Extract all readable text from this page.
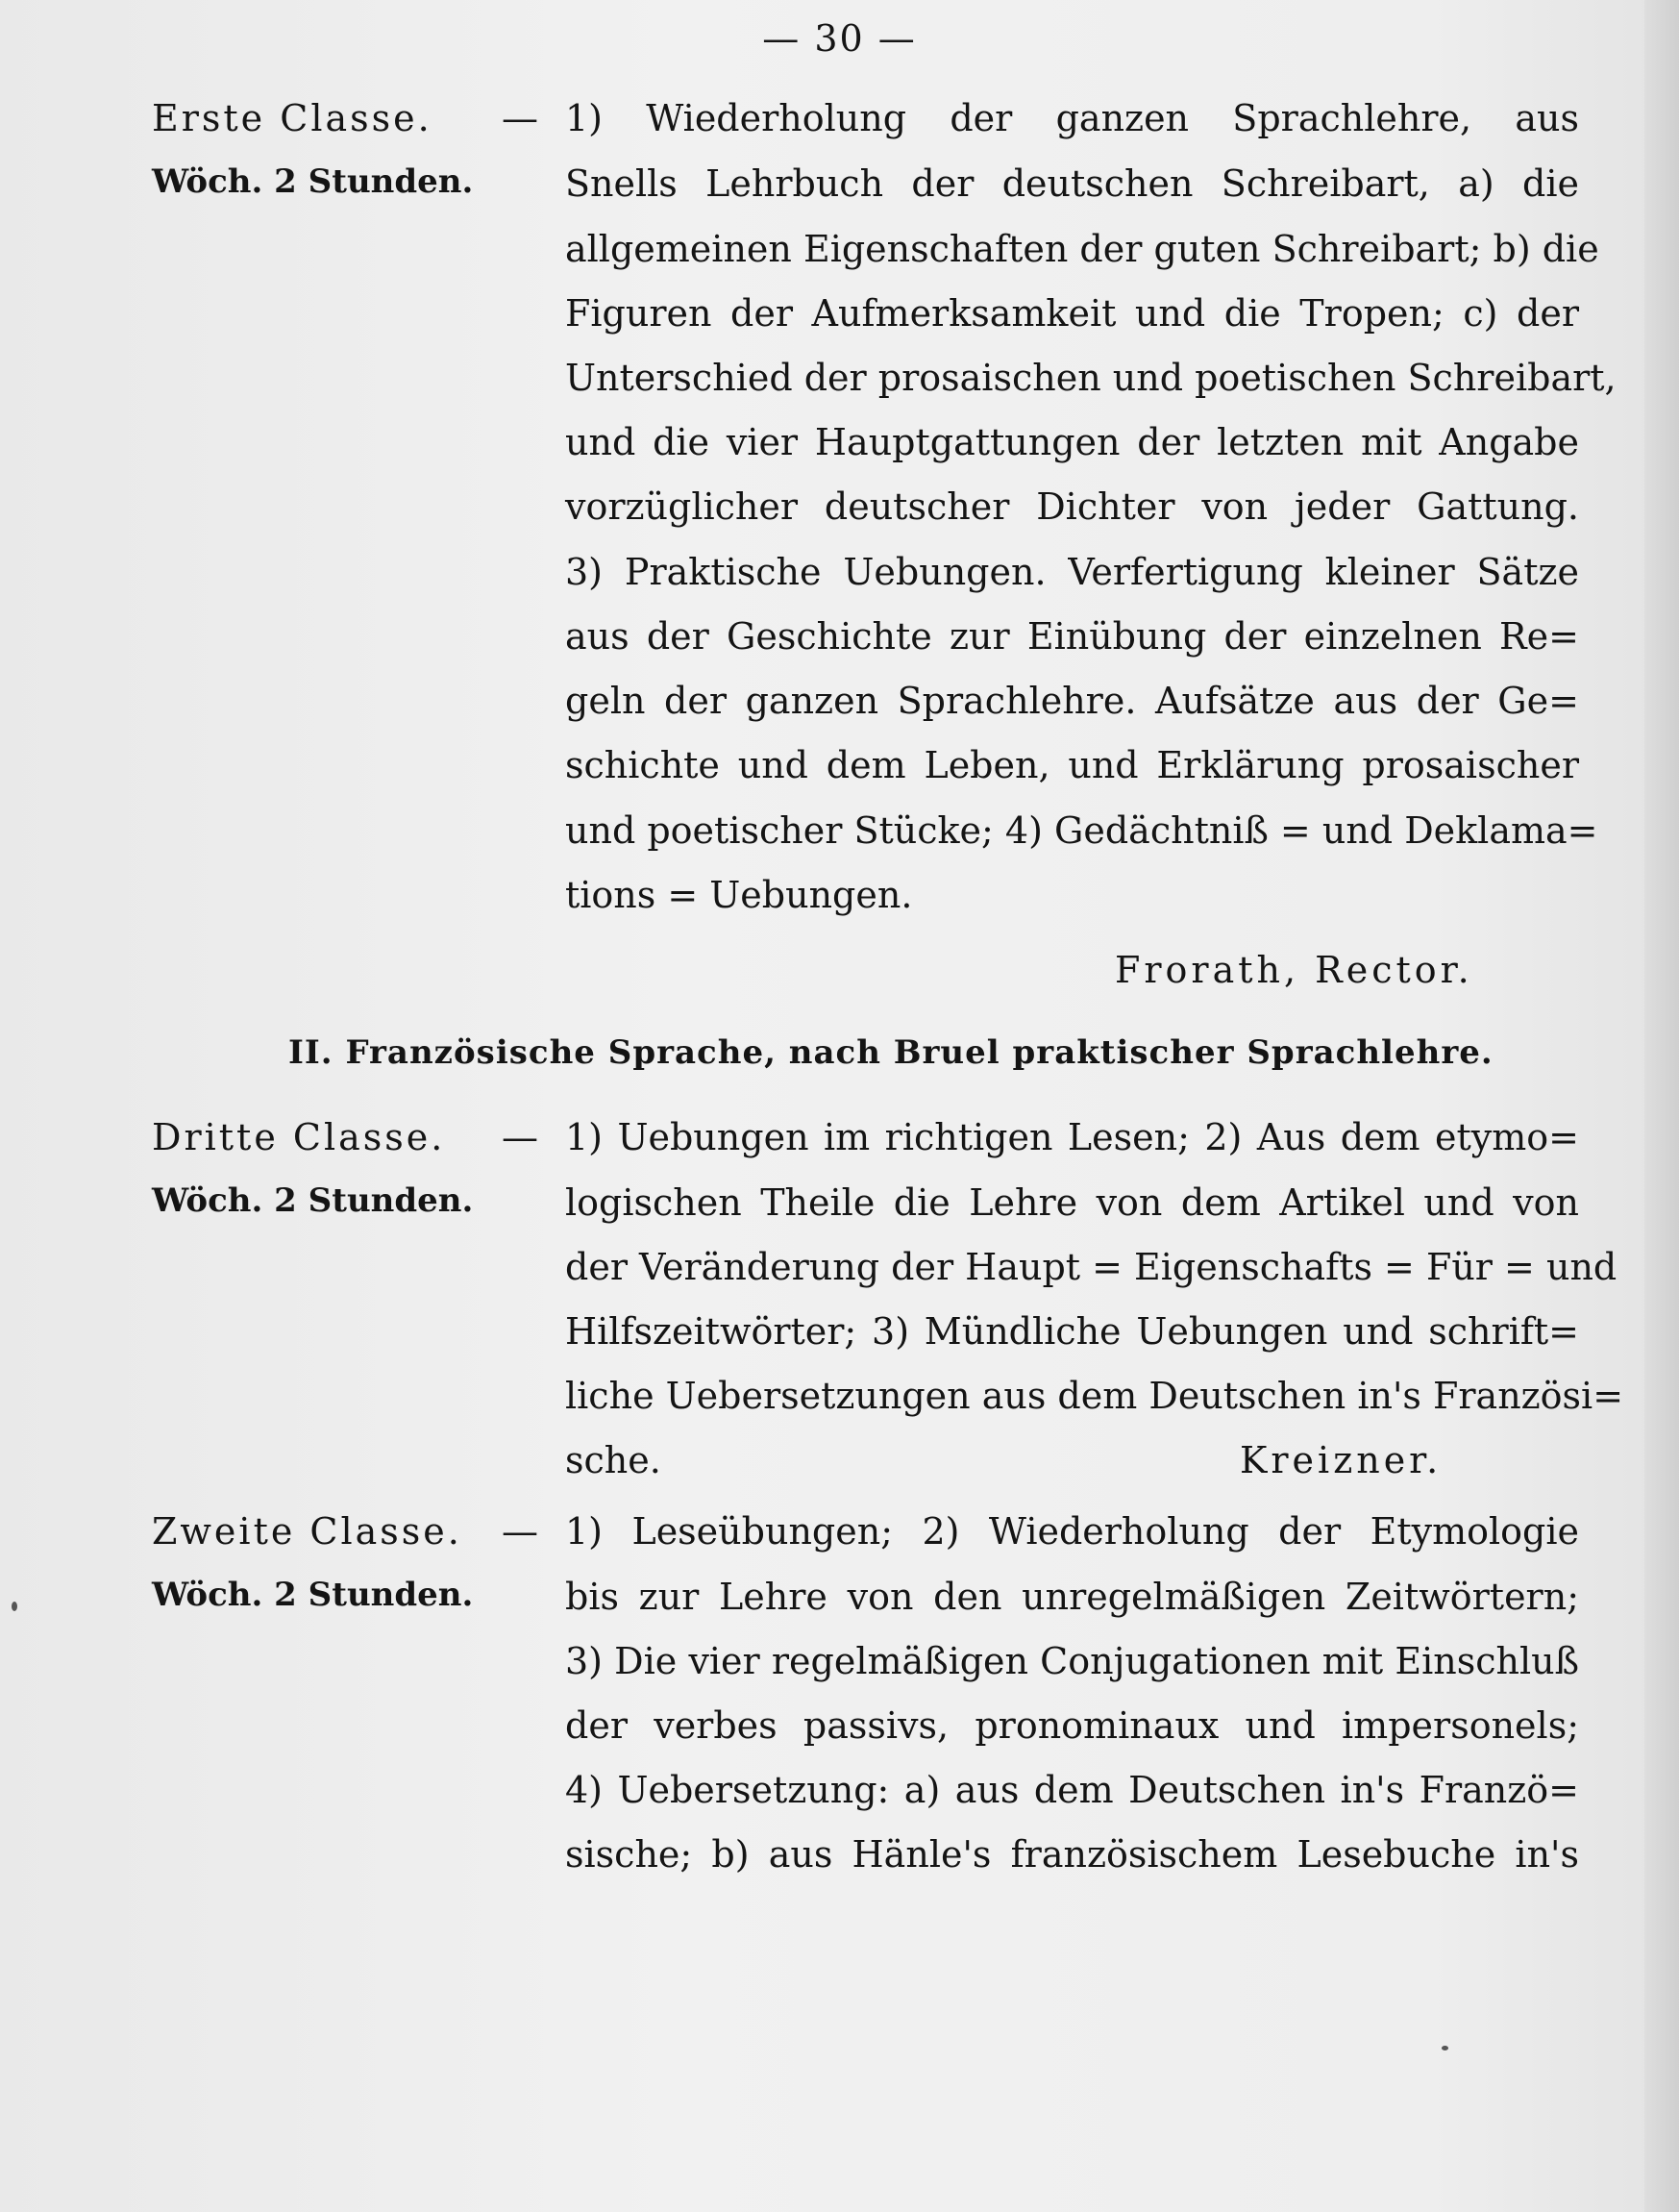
— 30 —
Erste Classe. —
Wöch. 2 Stunden.
1) Wiederholung der ganzen Sprachlehre, aus
Snells Lehrbuch der deutschen Schreibart, a) die
allgemeinen Eigenschaften der guten Schreibart; b) die
Figuren der Aufmerksamkeit und die Tropen; c) der
Unterschied der prosaischen und poetischen Schreibart,
und die vier Hauptgattungen der letzten mit Angabe
vorzüglicher deutscher Dichter von jeder Gattung.
3) Praktische Uebungen. Verfertigung kleiner Sätze
aus der Geschichte zur Einübung der einzelnen Re=
geln der ganzen Sprachlehre. Aufsätze aus der Ge=
schichte und dem Leben, und Erklärung prosaischer
und poetischer Stücke; 4) Gedächtniß = und Deklama=
tions = Uebungen.
Frorath, Rector.
II. Französische Sprache, nach Bruel praktischer Sprachlehre.
Dritte Classe. —
Wöch. 2 Stunden.
1) Uebungen im richtigen Lesen; 2) Aus dem etymo=
logischen Theile die Lehre von dem Artikel und von
der Veränderung der Haupt = Eigenschafts = Für = und
Hilfszeitwörter; 3) Mündliche Uebungen und schrift=
liche Uebersetzungen aus dem Deutschen in's Französi=
sche.	Kreizner.
Zweite Classe. —
Wöch. 2 Stunden.
1) Leseübungen; 2) Wiederholung der Etymologie
bis zur Lehre von den unregelmäßigen Zeitwörtern;
3) Die vier regelmäßigen Conjugationen mit Einschluß
der verbes passivs, pronominaux und impersonels;
4) Uebersetzung: a) aus dem Deutschen in's Franzö=
sische; b) aus Hänle's französischem Lesebuche in's
